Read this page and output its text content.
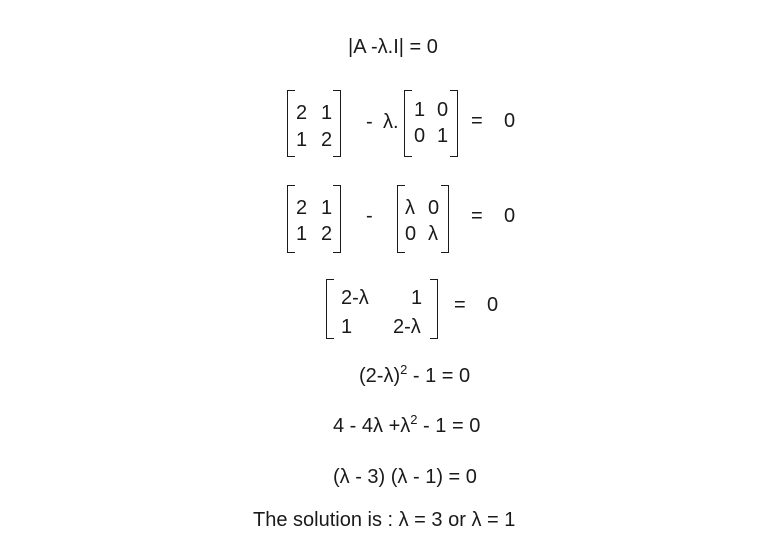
|A -λ.I| = 0
2 1
1 2
- λ.
1 0
0 1
= 0
2 1
1 2
- λ 0
0 λ
= 0
2-λ 1
1 2-λ
= 0
$(2-\lambda)^2 - 1 = 0$
$4 - 4\lambda +\lambda^2 - 1 = 0$
(λ - 3) (λ - 1) = 0
The solution is : λ = 3 or λ = 1
